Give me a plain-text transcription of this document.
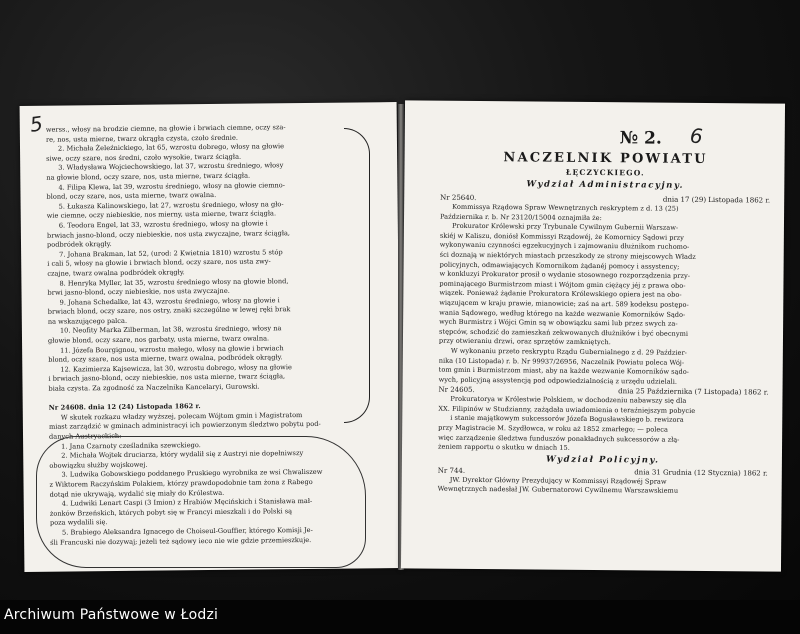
werss., włosy na brodzie ciemne, na głowie i brwiach ciemne, oczy sza-
re, nos, usta mierne, twarz okrągła czysta, czoło średnie.
2. Michała Żeleźnickiego, lat 65, wzrostu dobrego, włosy na głowie
siwe, oczy szare, nos średni, czoło wysokie, twarz ściągła.
3. Władysława Wojciechowskiego, lat 37, wzrostu średniego, włosy
na głowie blond, oczy szare, nos, usta mierne, twarz ściągła.
4. Filipa Klewa, lat 39, wzrostu średniego, włosy na głowie ciemno-
blond, oczy szare, nos, usta mierne, twarz owalna.
5. Łukasza Kalinowskiego, lat 27, wzrostu średniego, włosy na gło-
wie ciemne, oczy niebieskie, nos mierny, usta mierne, twarz ściągła.
6. Teodora Engel, lat 33, wzrostu średniego, włosy na głowie i
brwiach jasno-blond, oczy niebieskie, nos usta zwyczajne, twarz ściągła,
podbródek okrągły.
7. Johana Brakman, lat 52, (urod: 2 Kwietnia 1810) wzrostu 5 stóp
i cali 5, włosy na głowie i brwiach blond, oczy szare, nos usta zwy-
czajne, twarz owalna podbródek okrągły.
8. Henryka Myller, lat 35, wzrostu średniego włosy na głowie blond,
brwi jasno-blond, oczy niebieskie, nos usta zwyczajne.
9. Johana Schedalke, lat 43, wzrostu średniego, włosy na głowie i
brwiach blond, oczy szare, nos ostry, znaki szczególne w lewej ręki brak
na wskazującego palca.
10. Neofity Marka Zilberman, lat 38, wzrostu średniego, włosy na
głowie blond, oczy szare, nos garbaty, usta mierne, twarz owalna.
11. Józefa Bourgignou, wzrostu małego, włosy na głowie i brwiach
blond, oczy szare, nos usta mierne, twarz owalna, podbródek okrągły.
12. Kazimierza Kajsewicza, lat 30, wzrostu dobrego, włosy na głowie
i brwiach jasno-blond, oczy niebieskie, nos usta mierne, twarz ściągła,
biała czysta. Za zgodność za Naczelnika Kancelaryi, Gurowski.

Nr 24608. dnia 12 (24) Listopada 1862 r.
W skutek rozkazu władzy wyższej, polecam Wójtom gmin i Magistratom
miast zarządzić w gminach administracyi ich powierzonym śledztwo pobytu pod-
danych Austryackich:
1. Jana Czarnoty cześladnika szewckiego.
2. Michała Wojtek druciarza, który wydalił się z Austryi nie dopełniwszy
obowiązku służby wojskowej.
3. Ludwika Gobowskiego poddanego Pruskiego wyrobnika ze wsi Chwaliszew
z Wiktorem Raczyńskim Polakiem, którzy prawdopodobnie tam żona z Rabego
dotąd nie ukrywają, wydalić się miały do Królestwa.
4. Ludwiki Lenart Caspi (3 Imion) z Hrabiów Męcińskich i Stanisława mał-
żonków Brzeńskich, których pobyt się w Francyi mieszkali i do Polski są
poza wydalili się.
5. Brabiego Aleksandra Ignacego de Choiseul-Gouffier, którego Komisji Je-
śli Francuski nie dozywaj; jeżeli też sądowy ieco nie wie gdzie przemieszkuje.
№ 2.
NACZELNIK POWIATU
ŁĘCZYCKIEGO.
Wydział Administracyjny.
Nr 25640.	dnia 17 (29) Listopada 1862 r.
Kommissya Rządowa Spraw Wewnętrznych reskryptem z d. 13 (25)
Października r. b. Nr 23120/15004 oznajmiła że:
Prokurator Królewski przy Trybunale Cywilnym Gubernii Warszaw-
skiéj w Kaliszu, doniósł Kommissyi Rządowéj, że Komornicy Sądowi przy
wykonywaniu czynności egzekucyjnych i zajmowaniu dłużnikom ruchomo-
ści doznają w niektórych miastach przeszkody ze strony miejscowych Władz
policyjnych, odmawiających Komornikom żądanéj pomocy i assystency;
w konkluzyi Prokurator prosił o wydanie stosownego rozporządzenia przy-
pominającego Burmistrzom miast i Wójtom gmin ciężący jéj z prawa obo-
wiązek. Ponieważ żądanie Prokuratora Królewskiego opiera jest na obo-
wiązującem w kraju prawie, mianowicie; zaś na art. 589 kodeksu postępo-
wania Sądowego, według którego na każde wezwanie Komorników Sądo-
wych Burmistrz i Wójci Gmin są w obowiązku sami lub przez swych za-
stępców, schodzić do zamieszkań zekwowanych dłużników i być obecnymi
przy otwieraniu drzwi, oraz sprzętów zamkniętych.
W wykonaniu przeto reskryptu Rządu Gubernialnego z d. 29 Paździer-
nika (10 Listopada) r. b. Nr 99937/26956, Naczelnik Powiatu poleca Wój-
tom gmin i Burmistrzom miast, aby na każde wezwanie Komorników sądo-
wych, policyjną assystencją pod odpowiedzialnością z urzędu udzielali.
Nr 24605.	dnia 25 Października (7 Listopada) 1862 r.
Prokuratorya w Królestwie Polskiem, w dochodzeniu nabawszy się dla
XX. Filipinów w Studzianny, zażądała uwiadomienia o teraźniejszym pobycie
i stanie majątkowym sukcessorów Józefa Bogusławskiego b. rewizora
przy Magistracie M. Szydłowca, w roku aż 1852 zmarłego; — poleca
więc zarządzenie śledztwa funduszów ponakładnych sukcessorów a złą-
żeniem rapportu o skutku w dniach 15.
Wydział Policyjny.
Nr 744.	dnia 31 Grudnia (12 Stycznia) 1862 r.
JW. Dyrektor Główny Prezydujący w Kommissyi Rządowéj Spraw
Wewnętrznych nadesłał JW. Gubernatorowi Cywilnemu Warszawskiemu
5	6
Archiwum Państwowe w Łodzi
